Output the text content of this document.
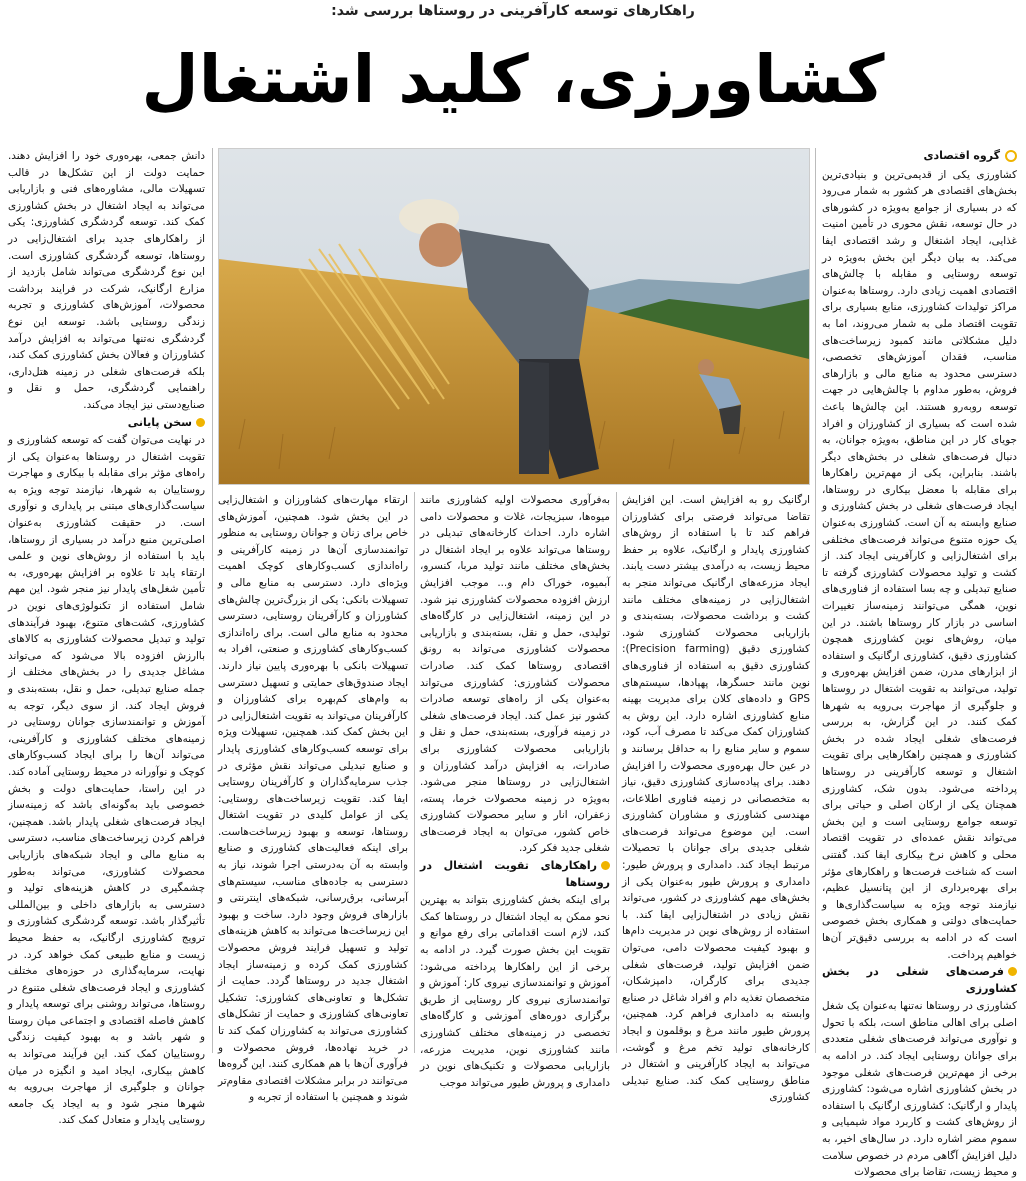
راهکارهای توسعه کارآفرینی در روستاها بررسی شد:
کشاورزی، کلید اشتغال
گروه اقتصادی

کشاورزی یکی از قدیمی‌ترین و بنیادی‌ترین بخش‌های اقتصادی هر کشور به شمار می‌رود که در بسیاری از جوامع به‌ویژه در کشورهای در حال توسعه، نقش محوری در تأمین امنیت غذایی، ایجاد اشتغال و رشد اقتصادی ایفا می‌کند. به بیان دیگر این بخش به‌ویژه در توسعه روستایی و مقابله با چالش‌های اقتصادی اهمیت زیادی دارد. روستاها به‌عنوان مراکز تولیدات کشاورزی، منابع بسیاری برای تقویت اقتصاد ملی به شمار می‌روند، اما به دلیل مشکلاتی مانند کمبود زیرساخت‌های مناسب، فقدان آموزش‌های تخصصی، دسترسی محدود به منابع مالی و بازارهای فروش، به‌طور مداوم با چالش‌هایی در جهت توسعه روبه‌رو هستند. این چالش‌ها باعث شده است که بسیاری از کشاورزان و افراد جویای کار در این مناطق، به‌ویژه جوانان، به دنبال فرصت‌های شغلی در بخش‌های دیگر باشند. بنابراین، یکی از مهم‌ترین راهکارها برای مقابله با معضل بیکاری در روستاها، ایجاد فرصت‌های شغلی در بخش کشاورزی و صنایع وابسته به آن است. کشاورزی به‌عنوان یک حوزه متنوع می‌تواند فرصت‌های مختلفی برای اشتغال‌زایی و کارآفرینی ایجاد کند. از کشت و تولید محصولات کشاورزی گرفته تا صنایع تبدیلی و چه بسا استفاده از فناوری‌های نوین، همگی می‌توانند زمینه‌ساز تغییرات اساسی در بازار کار روستاها باشند. در این میان، روش‌های نوین کشاورزی همچون کشاورزی دقیق، کشاورزی ارگانیک و استفاده از ابزارهای مدرن، ضمن افزایش بهره‌وری و تولید، می‌توانند به تقویت اشتغال در روستاها و جلوگیری از مهاجرت بی‌رویه به شهرها کمک کنند. در این گزارش، به بررسی فرصت‌های شغلی ایجاد شده در بخش کشاورزی و همچنین راهکارهایی برای تقویت اشتغال و توسعه کارآفرینی در روستاها پرداخته می‌شود. بدون شک، کشاورزی همچنان یکی از ارکان اصلی و حیاتی برای توسعه جوامع روستایی است و این بخش می‌تواند نقش عمده‌ای در تقویت اقتصاد محلی و کاهش نرخ بیکاری ایفا کند. گفتنی است که شناخت فرصت‌ها و راهکارهای مؤثر برای بهره‌برداری از این پتانسیل عظیم، نیازمند توجه ویژه به سیاست‌گذاری‌ها و حمایت‌های دولتی و همکاری بخش خصوصی است که در ادامه به بررسی دقیق‌تر آن‌ها خواهیم پرداخت.

فرصت‌های شغلی در بخش کشاورزی

کشاورزی در روستاها نه‌تنها به‌عنوان یک شغل اصلی برای اهالی مناطق است، بلکه با تحول و نوآوری می‌تواند فرصت‌های شغلی متعددی برای جوانان روستایی ایجاد کند. در ادامه به برخی از مهم‌ترین فرصت‌های شغلی موجود در بخش کشاورزی اشاره می‌شود: کشاورزی پایدار و ارگانیک: کشاورزی ارگانیک با استفاده از روش‌های کشت و کاربرد مواد شیمیایی و سموم مضر اشاره دارد. در سال‌های اخیر، به دلیل افزایش آگاهی مردم در خصوص سلامت و محیط زیست، تقاضا برای محصولات

ارگانیک رو به افزایش است. این افزایش تقاضا می‌تواند فرصتی برای کشاورزان فراهم کند تا با استفاده از روش‌های کشاورزی پایدار و ارگانیک، علاوه بر حفظ محیط زیست، به درآمدی بیشتر دست یابند. ایجاد مزرعه‌های ارگانیک می‌تواند منجر به اشتغال‌زایی در زمینه‌های مختلف مانند کشت و برداشت محصولات، بسته‌بندی و بازاریابی محصولات کشاورزی شود. کشاورزی دقیق (Precision farming): کشاورزی دقیق به استفاده از فناوری‌های نوین مانند حسگرها، پهپادها، سیستم‌های GPS و داده‌های کلان برای مدیریت بهینه منابع کشاورزی اشاره دارد. این روش به کشاورزان کمک می‌کند تا مصرف آب، کود، سموم و سایر منابع را به حداقل برسانند و در عین حال بهره‌وری محصولات را افزایش دهند. برای پیاده‌سازی کشاورزی دقیق، نیاز به متخصصانی در زمینه فناوری اطلاعات، مهندسی کشاورزی و مشاوران کشاورزی است. این موضوع می‌تواند فرصت‌های شغلی جدیدی برای جوانان با تحصیلات مرتبط ایجاد کند. دامداری و پرورش طیور: دامداری و پرورش طیور به‌عنوان یکی از بخش‌های مهم کشاورزی در کشور، می‌تواند نقش زیادی در اشتغال‌زایی ایفا کند. با استفاده از روش‌های نوین در مدیریت دام‌ها و بهبود کیفیت محصولات دامی، می‌توان ضمن افزایش تولید، فرصت‌های شغلی جدیدی برای کارگران، دامپزشکان، متخصصان تغذیه دام و افراد شاغل در صنایع وابسته به دامداری فراهم کرد. همچنین، پرورش طیور مانند مرغ و بوقلمون و ایجاد کارخانه‌های تولید تخم مرغ و گوشت، می‌تواند به ایجاد کارآفرینی و اشتغال در مناطق روستایی کمک کند. صنایع تبدیلی کشاورزی

به‌فرآوری محصولات اولیه کشاورزی مانند میوه‌ها، سبزیجات، غلات و محصولات دامی اشاره دارد. احداث کارخانه‌های تبدیلی در روستاها می‌تواند علاوه بر ایجاد اشتغال در بخش‌های مختلف مانند تولید مربا، کنسرو، آبمیوه، خوراک دام و... موجب افزایش ارزش افزوده محصولات کشاورزی نیز شود. در این زمینه، اشتغال‌زایی در کارگاه‌های تولیدی، حمل و نقل، بسته‌بندی و بازاریابی محصولات کشاورزی می‌تواند به رونق اقتصادی روستاها کمک کند. صادرات محصولات کشاورزی: کشاورزی می‌تواند به‌عنوان یکی از راه‌های توسعه صادرات کشور نیز عمل کند. ایجاد فرصت‌های شغلی در زمینه فرآوری، بسته‌بندی، حمل و نقل و بازاریابی محصولات کشاورزی برای صادرات، به افزایش درآمد کشاورزان و اشتغال‌زایی در روستاها منجر می‌شود. به‌ویژه در زمینه محصولات خرما، پسته، زعفران، انار و سایر محصولات کشاورزی خاص کشور، می‌توان به ایجاد فرصت‌های شغلی جدید فکر کرد.

راهکارهای تقویت اشتغال در روستاها

برای اینکه بخش کشاورزی بتواند به بهترین نحو ممکن به ایجاد اشتغال در روستاها کمک کند، لازم است اقداماتی برای رفع موانع و تقویت این بخش صورت گیرد. در ادامه به برخی از این راهکارها پرداخته می‌شود: آموزش و توانمندسازی نیروی کار: آموزش و توانمندسازی نیروی کار روستایی از طریق برگزاری دوره‌های آموزشی و کارگاه‌های تخصصی در زمینه‌های مختلف کشاورزی مانند کشاورزی نوین، مدیریت مزرعه، بازاریابی محصولات و تکنیک‌های نوین در دامداری و پرورش طیور می‌تواند موجب

ارتقاء مهارت‌های کشاورزان و اشتغال‌زایی در این بخش شود. همچنین، آموزش‌های خاص برای زنان و جوانان روستایی به منظور توانمندسازی آن‌ها در زمینه کارآفرینی و راه‌اندازی کسب‌وکارهای کوچک اهمیت ویژه‌ای دارد. دسترسی به منابع مالی و تسهیلات بانکی: یکی از بزرگ‌ترین چالش‌های کشاورزان و کارآفرینان روستایی، دسترسی محدود به منابع مالی است. برای راه‌اندازی کسب‌وکارهای کشاورزی و صنعتی، افراد به تسهیلات بانکی با بهره‌وری پایین نیاز دارند. ایجاد صندوق‌های حمایتی و تسهیل دسترسی به وام‌های کم‌بهره برای کشاورزان و کارآفرینان می‌تواند به تقویت اشتغال‌زایی در این بخش کمک کند. همچنین، تسهیلات ویژه برای توسعه کسب‌وکارهای کشاورزی پایدار و صنایع تبدیلی می‌تواند نقش مؤثری در جذب سرمایه‌گذاران و کارآفرینان روستایی ایفا کند. تقویت زیرساخت‌های روستایی: یکی از عوامل کلیدی در تقویت اشتغال روستاها، توسعه و بهبود زیرساخت‌هاست. برای اینکه فعالیت‌های کشاورزی و صنایع وابسته به آن به‌درستی اجرا شوند، نیاز به دسترسی به جاده‌های مناسب، سیستم‌های آبرسانی، برق‌رسانی، شبکه‌های اینترنتی و بازارهای فروش وجود دارد. ساخت و بهبود این زیرساخت‌ها می‌تواند به کاهش هزینه‌های تولید و تسهیل فرایند فروش محصولات کشاورزی کمک کرده و زمینه‌ساز ایجاد اشتغال جدید در روستاها گردد. حمایت از تشکل‌ها و تعاونی‌های کشاورزی: تشکیل تعاونی‌های کشاورزی و حمایت از تشکل‌های کشاورزی می‌تواند به کشاورزان کمک کند تا در خرید نهاده‌ها، فروش محصولات و فرآوری آن‌ها با هم همکاری کنند. این گروه‌ها می‌توانند در برابر مشکلات اقتصادی مقاوم‌تر شوند و همچنین با استفاده از تجربه و

دانش جمعی، بهره‌وری خود را افزایش دهند. حمایت دولت از این تشکل‌ها در قالب تسهیلات مالی، مشاوره‌های فنی و بازاریابی می‌تواند به ایجاد اشتغال در بخش کشاورزی کمک کند. توسعه گردشگری کشاورزی: یکی از راهکارهای جدید برای اشتغال‌زایی در روستاها، توسعه گردشگری کشاورزی است. این نوع گردشگری می‌تواند شامل بازدید از مزارع ارگانیک، شرکت در فرایند برداشت محصولات، آموزش‌های کشاورزی و تجربه زندگی روستایی باشد. توسعه این نوع گردشگری نه‌تنها می‌تواند به افزایش درآمد کشاورزان و فعالان بخش کشاورزی کمک کند، بلکه فرصت‌های شغلی در زمینه هتل‌داری، راهنمایی گردشگری، حمل و نقل و صنایع‌دستی نیز ایجاد می‌کند.

سخن پایانی

در نهایت می‌توان گفت که توسعه کشاورزی و تقویت اشتغال در روستاها به‌عنوان یکی از راه‌های مؤثر برای مقابله با بیکاری و مهاجرت روستاییان به شهرها، نیازمند توجه ویژه به سیاست‌گذاری‌های مبتنی بر پایداری و نوآوری است. در حقیقت کشاورزی به‌عنوان اصلی‌ترین منبع درآمد در بسیاری از روستاها، باید با استفاده از روش‌های نوین و علمی ارتقاء یابد تا علاوه بر افزایش بهره‌وری، به تأمین شغل‌های پایدار نیز منجر شود. این مهم شامل استفاده از تکنولوژی‌های نوین در کشاورزی، کشت‌های متنوع، بهبود فرآیندهای تولید و تبدیل محصولات کشاورزی به کالاهای باارزش افزوده بالا می‌شود که می‌تواند مشاغل جدیدی را در بخش‌های مختلف از جمله صنایع تبدیلی، حمل و نقل، بسته‌بندی و فروش ایجاد کند. از سوی دیگر، توجه به آموزش و توانمندسازی جوانان روستایی در زمینه‌های مختلف کشاورزی و کارآفرینی، می‌تواند آن‌ها را برای ایجاد کسب‌وکارهای کوچک و نوآورانه در محیط روستایی آماده کند. در این راستا، حمایت‌های دولت و بخش خصوصی باید به‌گونه‌ای باشد که زمینه‌ساز ایجاد فرصت‌های شغلی پایدار باشد. همچنین، فراهم کردن زیرساخت‌های مناسب، دسترسی به منابع مالی و ایجاد شبکه‌های بازاریابی محصولات کشاورزی، می‌تواند به‌طور چشمگیری در کاهش هزینه‌های تولید و دسترسی به بازارهای داخلی و بین‌المللی تأثیرگذار باشد. توسعه گردشگری کشاورزی و ترویج کشاورزی ارگانیک، به حفظ محیط زیست و منابع طبیعی کمک خواهد کرد. در نهایت، سرمایه‌گذاری در حوزه‌های مختلف کشاورزی و ایجاد فرصت‌های شغلی متنوع در روستاها، می‌تواند روشنی برای توسعه پایدار و کاهش فاصله اقتصادی و اجتماعی میان روستا و شهر باشد و به بهبود کیفیت زندگی روستاییان کمک کند. این فرآیند می‌تواند به کاهش بیکاری، ایجاد امید و انگیزه در میان جوانان و جلوگیری از مهاجرت بی‌رویه به شهرها منجر شود و به ایجاد یک جامعه روستایی پایدار و متعادل کمک کند.
